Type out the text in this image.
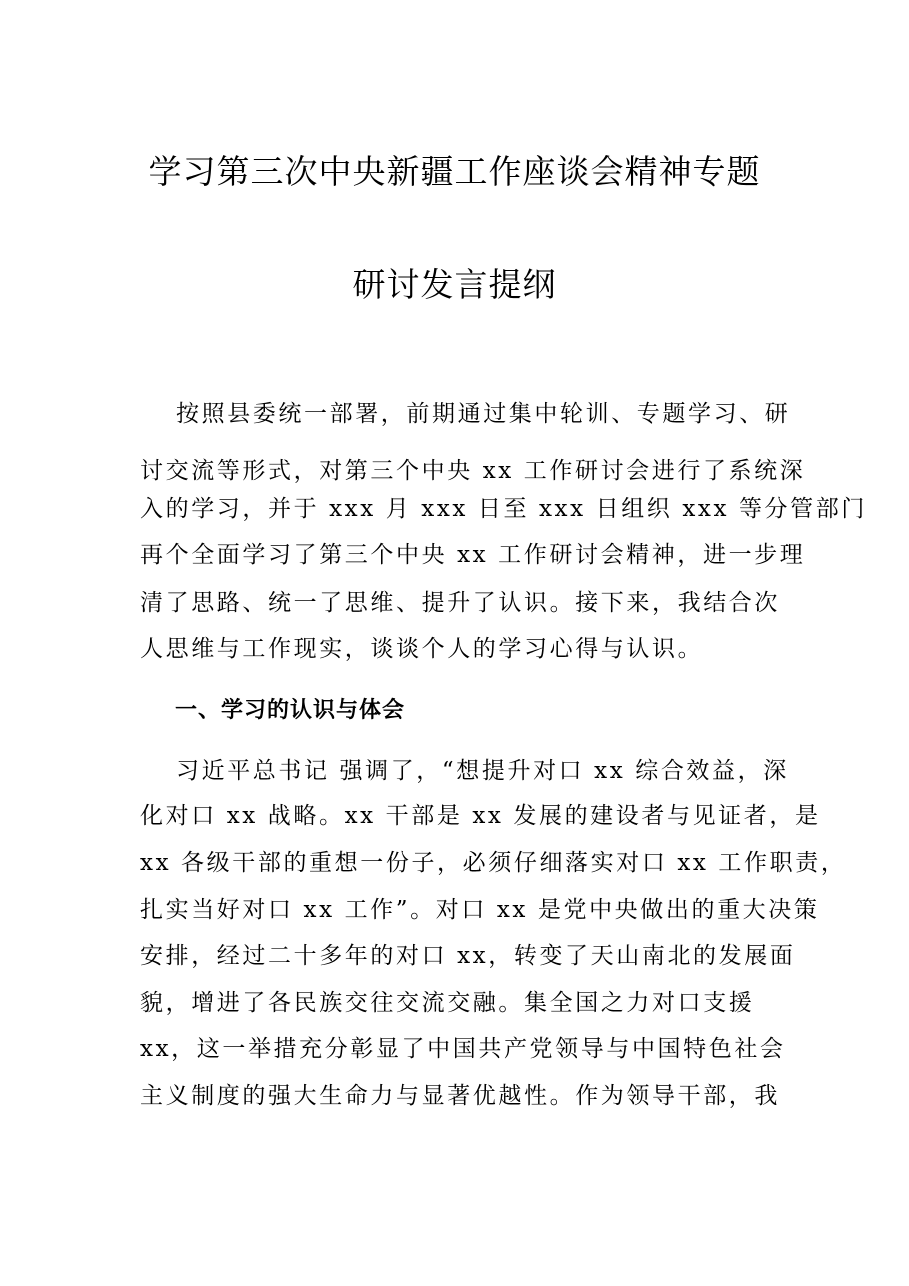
学习第三次中央新疆工作座谈会精神专题
研讨发言提纲
按照县委统一部署，前期通过集中轮训、专题学习、研
讨交流等形式，对第三个中央 xx 工作研讨会进行了系统深
入的学习，并于 xxx 月 xxx 日至 xxx 日组织 xxx 等分管部门
再个全面学习了第三个中央 xx 工作研讨会精神，进一步理
清了思路、统一了思维、提升了认识。接下来，我结合次
人思维与工作现实，谈谈个人的学习心得与认识。
一、学习的认识与体会
习近平总书记 强调了，“想提升对口 xx 综合效益，深
化对口 xx 战略。xx 干部是 xx 发展的建设者与见证者，是
xx 各级干部的重想一份子，必须仔细落实对口 xx 工作职责，
扎实当好对口 xx 工作”。对口 xx 是党中央做出的重大决策
安排，经过二十多年的对口 xx，转变了天山南北的发展面
貌，增进了各民族交往交流交融。集全国之力对口支援
xx，这一举措充分彰显了中国共产党领导与中国特色社会
主义制度的强大生命力与显著优越性。作为领导干部，我
